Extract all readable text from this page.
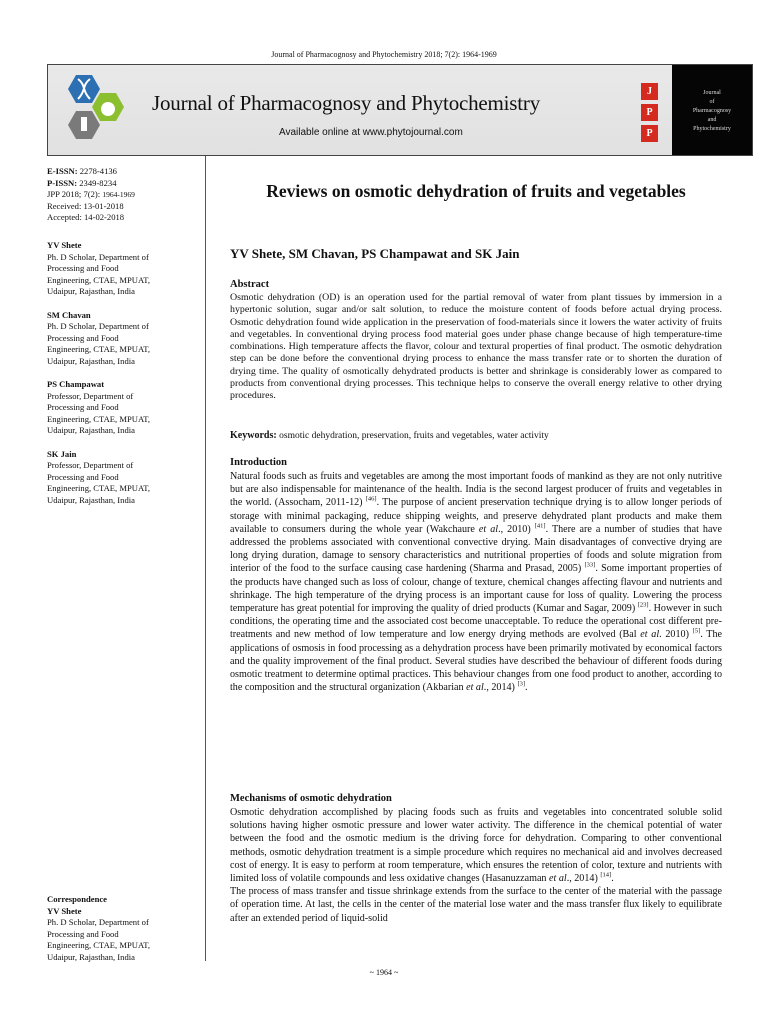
Journal of Pharmacognosy and Phytochemistry 2018; 7(2): 1964-1969
Journal of Pharmacognosy and Phytochemistry
Available online at www.phytojournal.com
J
P
P
Journal
of
Pharmacognosy
and
Phytochemistry
E-ISSN: 2278-4136
P-ISSN: 2349-8234
JPP 2018; 7(2): 1964-1969
Received: 13-01-2018
Accepted: 14-02-2018
YV Shete
Ph. D Scholar, Department of
Processing and Food
Engineering, CTAE, MPUAT,
Udaipur, Rajasthan, India
SM Chavan
Ph. D Scholar, Department of
Processing and Food
Engineering, CTAE, MPUAT,
Udaipur, Rajasthan, India
PS Champawat
Professor, Department of
Processing and Food
Engineering, CTAE, MPUAT,
Udaipur, Rajasthan, India
SK Jain
Professor, Department of
Processing and Food
Engineering, CTAE, MPUAT,
Udaipur, Rajasthan, India
Correspondence
YV Shete
Ph. D Scholar, Department of
Processing and Food
Engineering, CTAE, MPUAT,
Udaipur, Rajasthan, India
Reviews on osmotic dehydration of fruits and vegetables
YV Shete, SM Chavan, PS Champawat and SK Jain
Abstract

Osmotic dehydration (OD) is an operation used for the partial removal of water from plant tissues by immersion in a hypertonic solution, sugar and/or salt solution, to reduce the moisture content of foods before actual drying process. Osmotic dehydration found wide application in the preservation of food-materials since it lowers the water activity of fruits and vegetables. In conventional drying process food material goes under phase change because of high temperature-time combinations. High temperature affects the flavor, colour and textural properties of final product. The osmotic dehydration step can be done before the conventional drying process to enhance the mass transfer rate or to shorten the duration of drying time. The quality of osmotically dehydrated products is better and shrinkage is considerably lower as compared to products from conventional drying processes. This technique helps to conserve the overall energy relative to other drying procedures.

Keywords: osmotic dehydration, preservation, fruits and vegetables, water activity
Introduction

Natural foods such as fruits and vegetables are among the most important foods of mankind as they are not only nutritive but are also indispensable for maintenance of the health. India is the second largest producer of fruits and vegetables in the world. (Assocham, 2011-12) [46]. The purpose of ancient preservation technique drying is to allow longer periods of storage with minimal packaging, reduce shipping weights, and preserve dehydrated plant products and make them available to consumers during the whole year (Wakchaure et al., 2010) [41]. There are a number of studies that have addressed the problems associated with conventional convective drying. Main disadvantages of convective drying are long drying duration, damage to sensory characteristics and nutritional properties of foods and solute migration from interior of the food to the surface causing case hardening (Sharma and Prasad, 2005) [33]. Some important properties of the products have changed such as loss of colour, change of texture, chemical changes affecting flavour and nutrients and shrinkage. The high temperature of the drying process is an important cause for loss of quality. Lowering the process temperature has great potential for improving the quality of dried products (Kumar and Sagar, 2009) [23]. However in such conditions, the operating time and the associated cost become unacceptable. To reduce the operational cost different pre-treatments and new method of low temperature and low energy drying methods are evolved (Bal et al. 2010) [5]. The applications of osmosis in food processing as a dehydration process have been primarily motivated by economical factors and the quality improvement of the final product. Several studies have described the behaviour of different foods during osmotic treatment to determine optimal practices. This behaviour changes from one food product to another, according to the composition and the structural organization (Akbarian et al., 2014) [3].

Mechanisms of osmotic dehydration

Osmotic dehydration accomplished by placing foods such as fruits and vegetables into concentrated soluble solid solutions having higher osmotic pressure and lower water activity. The difference in the chemical potential of water between the food and the osmotic medium is the driving force for dehydration. Comparing to other conventional methods, osmotic dehydration treatment is a simple procedure which requires no mechanical aid and involves decreased cost of energy. It is easy to perform at room temperature, which ensures the retention of color, texture and nutrients with limited loss of volatile compounds and less oxidative changes (Hasanuzzaman et al., 2014) [14].

The process of mass transfer and tissue shrinkage extends from the surface to the center of the material with the passage of operation time. At last, the cells in the center of the material lose water and the mass transfer flux likely to equilibrate after an extended period of liquid-solid

~ 1964 ~
